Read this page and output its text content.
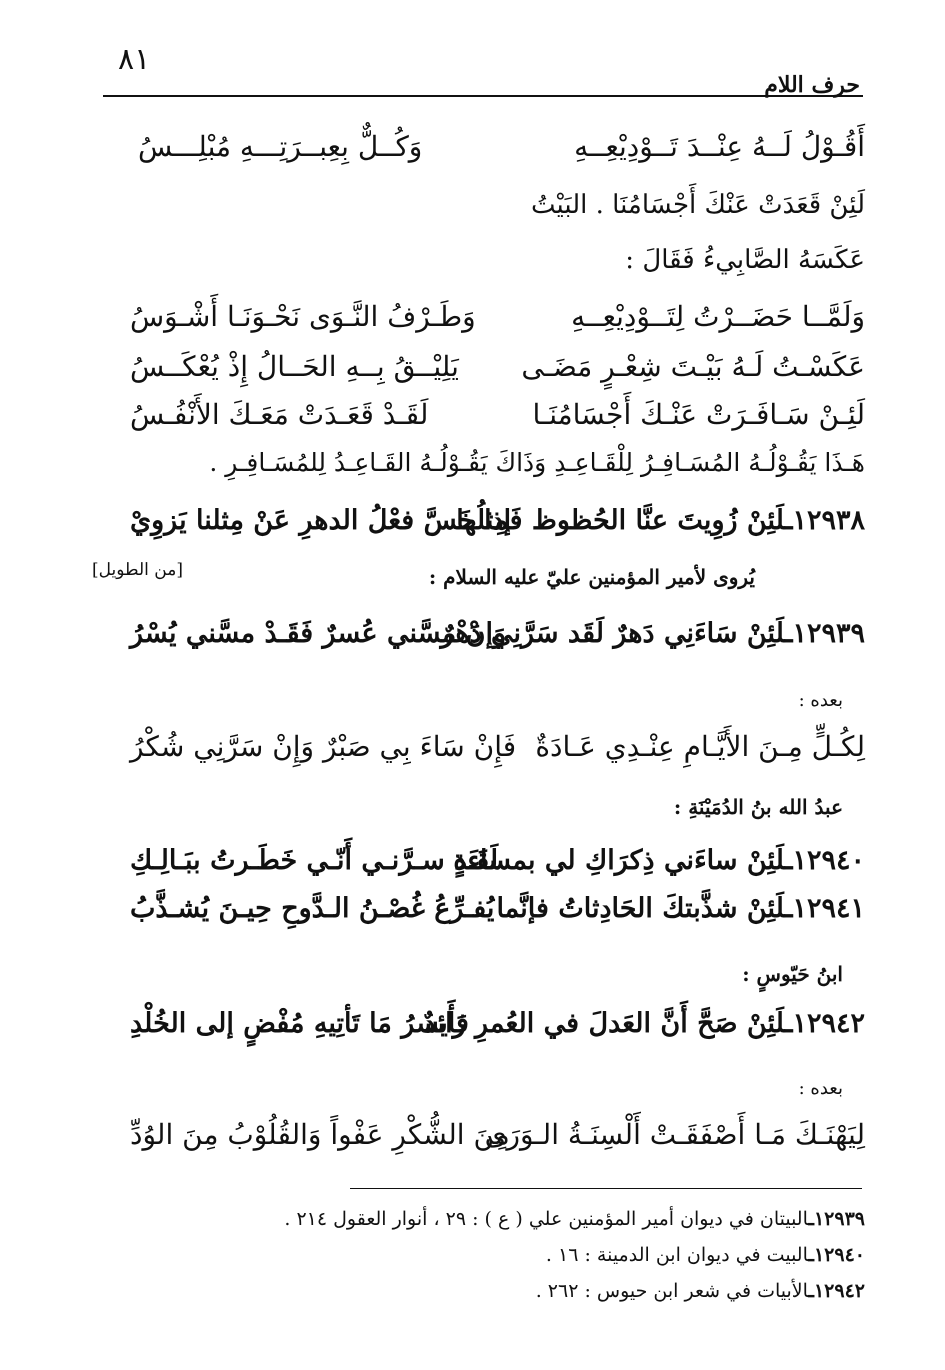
٨١
حرف اللام
أَقُـوْلُ لَــهُ عِنْــدَ تَــوْدِيْعِــهِ
وَكُــلٌّ بِعِبــرَتِـــهِ مُبْلِـــسُ
لَئِنْ قَعَدَتْ عَنْكَ أَجْسَامُنَا . البَيْتُ
عَكَسَهُ الصَّابِيءُ فَقَالَ :
وَلَمَّــا حَضَــرْتُ لِتَــوْدِيْعِــهِ
وَطَـرْفُ النَّـوَى نَحْـوَنَـا أَشْـوَسُ
عَكَسْـتُ لَـهُ بَيْـتَ شِعْـرٍ مَضَـى
يَلِيْــقُ بِــهِ الحَــالُ إِذْ يُعْكَــسُ
لَئِـنْ سَـافَـرَتْ عَنْـكَ أَجْسَامُنَـا
لَقَـدْ قَعَـدَتْ مَعَـكَ الأَنْفُـسُ
هَـذَا يَقُـوْلُـهُ المُسَـافِـرُ لِلْقَـاعِـدِ وَذَاكَ يَقُـوْلُـهُ القَـاعِـدُ لِلمُسَـافِـرِ .
١٢٩٣٨ـلَئِنْ زُوِيتَ عنَّا الحُظوظ فَمِثلُها
إذا خَسَّ فعْلُ الدهرِ عَنْ مِثلنا يَزوِيْ
يُروى لأمير المؤمنين عليّ عليه السلام :
[من الطويل]
١٢٩٣٩ـلَئِنْ سَاءَنِي دَهرٌ لَقَد سَرَّنِي دَهْرٌ
وَإنْ مسَّني عُسرٌ فَقَـدْ مسَّني يُسْرُ
بعده :
لِكُـلٍّ مِـنَ الأَيَّـامِ عِنْـدِي عَـادَةٌ
فَإِنْ سَاءَ بِي صَبْرٌ وَإِنْ سَرَّنِي شُكْرُ
عبدُ الله بنُ الدُمَيْنَةِ :
١٢٩٤٠ـلَئِنْ ساءَني ذِكرَاكِ لي بمساءَةٍ
لَقَـد سـرَّنـي أَنّـي خَطَـرتُ ببَـالِـكِ
١٢٩٤١ـلَئِنْ شذَّبتكَ الحَادِثاتُ فإنَّما
يُفـرِّعُ غُصْـنُ الـدَّوحِ حِيـنَ يُشـذَّبُ
ابنُ حَيّوسٍ :
١٢٩٤٢ـلَئِنْ صَحَّ أَنَّ العَدلَ في العُمرِ زَائدٌ
فأَيسرُ مَا تَأتِيهِ مُفْضٍ إلى الخُلْدِ
بعده :
لِيَهْنَـكَ مَـا أَصْفَقَـتْ أَلْسِنَـةُ الـوَرَى
مِنَ الشُّكْرِ عَفْواً وَالقُلُوْبُ مِنَ الوُدِّ
١٢٩٣٩ـالبيتان في ديوان أمير المؤمنين علي ( ع ) : ٢٩ ، أنوار العقول ٢١٤ .
١٢٩٤٠ـالبيت في ديوان ابن الدمينة : ١٦ .
١٢٩٤٢ـالأبيات في شعر ابن حيوس : ٢٦٢ .
